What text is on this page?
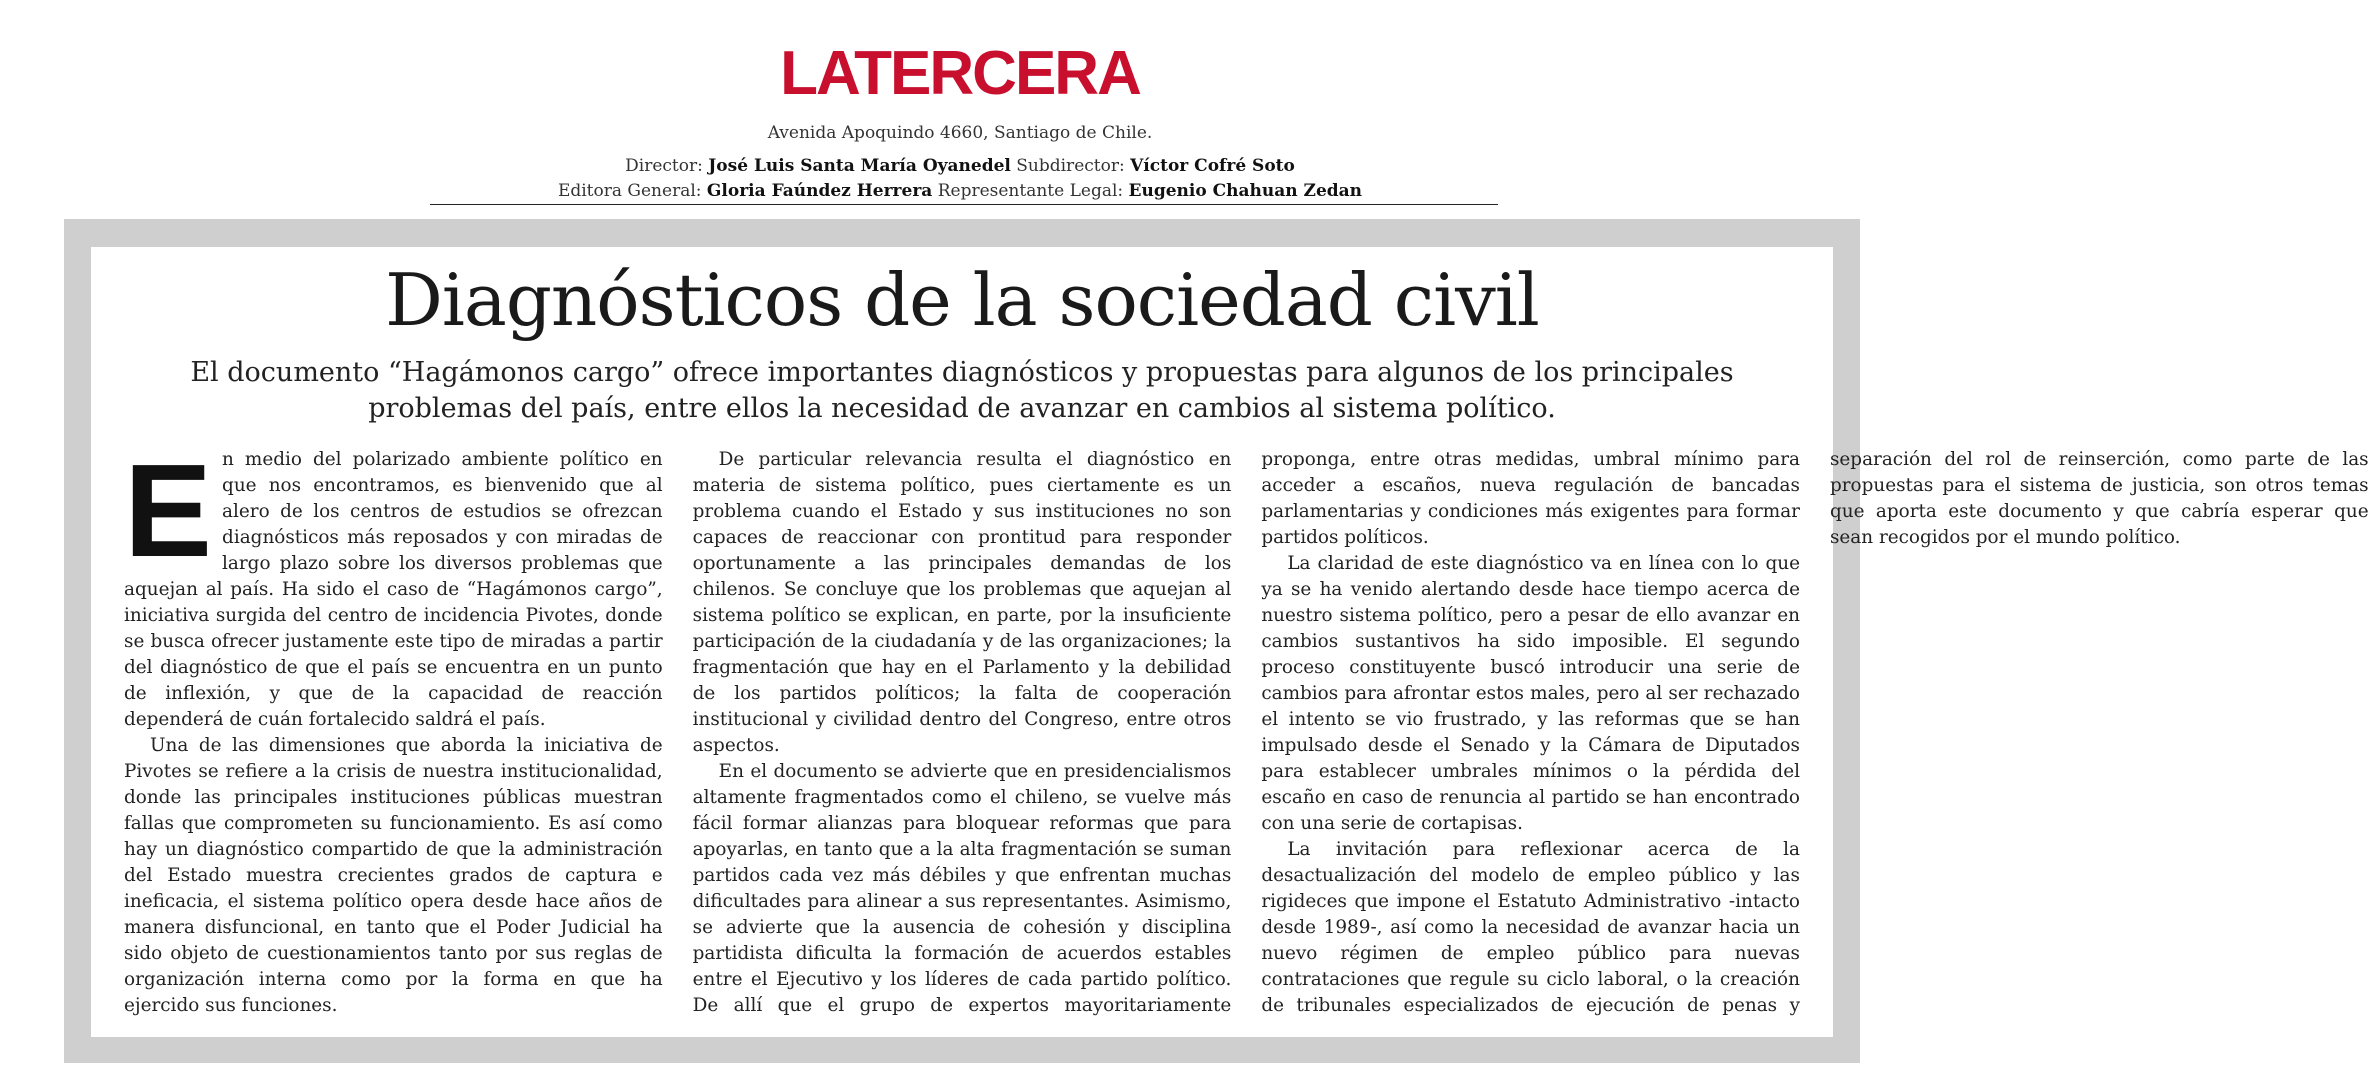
LATERCERA
Avenida Apoquindo 4660, Santiago de Chile.
Director: José Luis Santa María Oyanedel Subdirector: Víctor Cofré Soto
Editora General: Gloria Faúndez Herrera Representante Legal: Eugenio Chahuan Zedan
Diagnósticos de la sociedad civil
El documento “Hagámonos cargo” ofrece importantes diagnósticos y propuestas para algunos de los principales problemas del país, entre ellos la necesidad de avanzar en cambios al sistema político.

En medio del polarizado ambiente político en que nos encontramos, es bienvenido que al alero de los centros de estudios se ofrezcan diagnósticos más reposados y con miradas de largo plazo sobre los diversos problemas que aquejan al país. Ha sido el caso de “Hagámonos cargo”, iniciativa surgida del centro de incidencia Pivotes, donde se busca ofrecer justamente este tipo de miradas a partir del diagnóstico de que el país se encuentra en un punto de inflexión, y que de la capacidad de reacción dependerá de cuán fortalecido saldrá el país.

Una de las dimensiones que aborda la iniciativa de Pivotes se refiere a la crisis de nuestra institucionalidad, donde las principales instituciones públicas muestran fallas que comprometen su funcionamiento. Es así como hay un diagnóstico compartido de que la administración del Estado muestra crecientes grados de captura e ineficacia, el sistema político opera desde hace años de manera disfuncional, en tanto que el Poder Judicial ha sido objeto de cuestionamientos tanto por sus reglas de organización interna como por la forma en que ha ejercido sus funciones.

De particular relevancia resulta el diagnóstico en materia de sistema político, pues ciertamente es un problema cuando el Estado y sus instituciones no son capaces de reaccionar con prontitud para responder oportunamente a las principales demandas de los chilenos. Se concluye que los problemas que aquejan al sistema político se explican, en parte, por la insuficiente participación de la ciudadanía y de las organizaciones; la fragmentación que hay en el Parlamento y la debilidad de los partidos políticos; la falta de cooperación institucional y civilidad dentro del Congreso, entre otros aspectos.

En el documento se advierte que en presidencialismos altamente fragmentados como el chileno, se vuelve más fácil formar alianzas para bloquear reformas que para apoyarlas, en tanto que a la alta fragmentación se suman partidos cada vez más débiles y que enfrentan muchas dificultades para alinear a sus representantes. Asimismo, se advierte que la ausencia de cohesión y disciplina partidista dificulta la formación de acuerdos estables entre el Ejecutivo y los líderes de cada partido político. De allí que el grupo de expertos mayoritariamente proponga, entre otras medidas, umbral mínimo para acceder a escaños, nueva regulación de bancadas parlamentarias y condiciones más exigentes para formar partidos políticos.

La claridad de este diagnóstico va en línea con lo que ya se ha venido alertando desde hace tiempo acerca de nuestro sistema político, pero a pesar de ello avanzar en cambios sustantivos ha sido imposible. El segundo proceso constituyente buscó introducir una serie de cambios para afrontar estos males, pero al ser rechazado el intento se vio frustrado, y las reformas que se han impulsado desde el Senado y la Cámara de Diputados para establecer umbrales mínimos o la pérdida del escaño en caso de renuncia al partido se han encontrado con una serie de cortapisas.

La invitación para reflexionar acerca de la desactualización del modelo de empleo público y las rigideces que impone el Estatuto Administrativo -intacto desde 1989-, así como la necesidad de avanzar hacia un nuevo régimen de empleo público para nuevas contrataciones que regule su ciclo laboral, o la creación de tribunales especializados de ejecución de penas y separación del rol de reinserción, como parte de las propuestas para el sistema de justicia, son otros temas que aporta este documento y que cabría esperar que sean recogidos por el mundo político.
